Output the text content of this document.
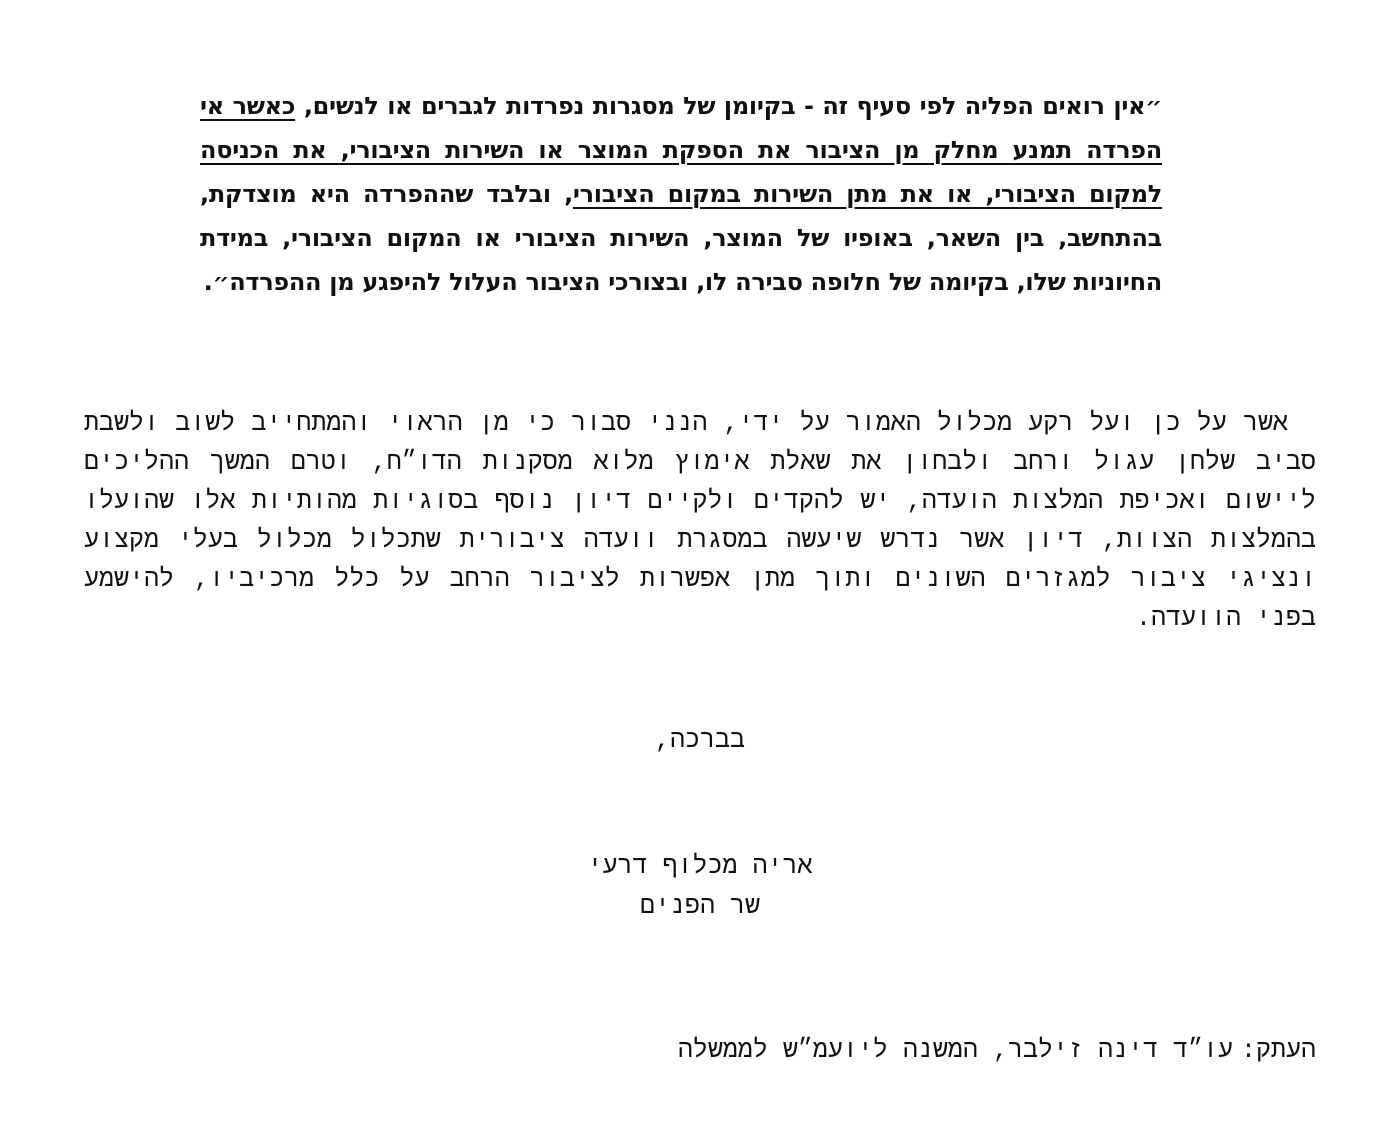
״אין רואים הפליה לפי סעיף זה - בקיומן של מסגרות נפרדות לגברים או לנשים, כאשר אי הפרדה תמנע מחלק מן הציבור את הספקת המוצר או השירות הציבורי, את הכניסה למקום הציבורי, או את מתן השירות במקום הציבורי, ובלבד שההפרדה היא מוצדקת, בהתחשב, בין השאר, באופיו של המוצר, השירות הציבורי או המקום הציבורי, במידת החיוניות שלו, בקיומה של חלופה סבירה לו, ובצורכי הציבור העלול להיפגע מן ההפרדה״.
אשר על כן ועל רקע מכלול האמור על ידי, הנני סבור כי מן הראוי והמתחייב לשוב ולשבת סביב שלחן עגול ורחב ולבחון את שאלת אימוץ מלוא מסקנות הדו״ח, וטרם המשך ההליכים ליישום ואכיפת המלצות הועדה, יש להקדים ולקיים דיון נוסף בסוגיות מהותיות אלו שהועלו בהמלצות הצוות, דיון אשר נדרש שיעשה במסגרת וועדה ציבורית שתכלול מכלול בעלי מקצוע ונציגי ציבור למגזרים השונים ותוך מתן אפשרות לציבור הרחב על כלל מרכיביו, להישמע בפני הוועדה.
בברכה,
אריה מכלוף דרעי
שר הפנים
העתק:עו״ד דינה זילבר, המשנה ליועמ״ש לממשלה
